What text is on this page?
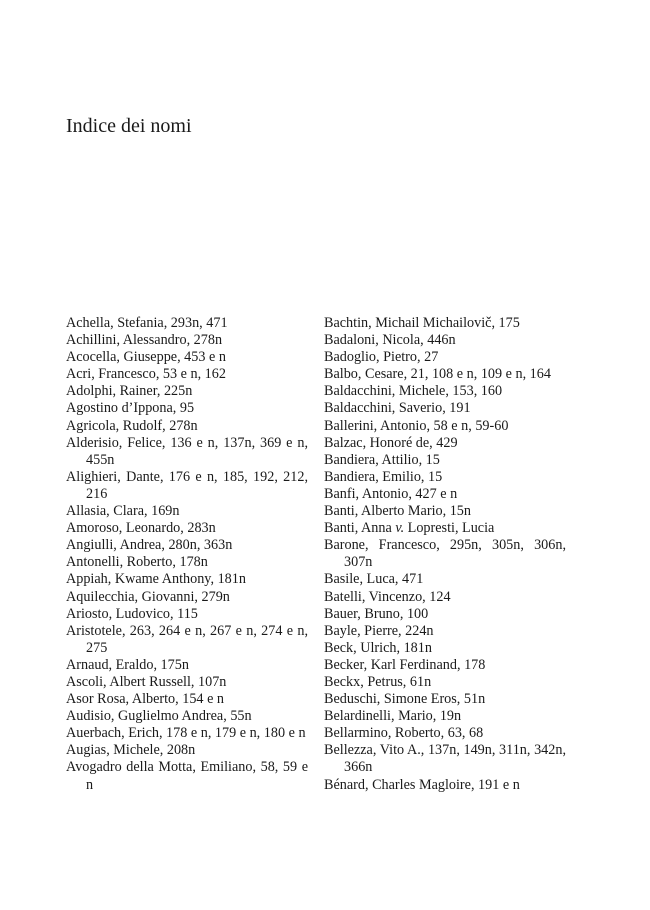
Indice dei nomi
Achella, Stefania, 293n, 471
Achillini, Alessandro, 278n
Acocella, Giuseppe, 453 e n
Acri, Francesco, 53 e n, 162
Adolphi, Rainer, 225n
Agostino d’Ippona, 95
Agricola, Rudolf, 278n
Alderisio, Felice, 136 e n, 137n, 369 e n, 455n
Alighieri, Dante, 176 e n, 185, 192, 212, 216
Allasia, Clara, 169n
Amoroso, Leonardo, 283n
Angiulli, Andrea, 280n, 363n
Antonelli, Roberto, 178n
Appiah, Kwame Anthony, 181n
Aquilecchia, Giovanni, 279n
Ariosto, Ludovico, 115
Aristotele, 263, 264 e n, 267 e n, 274 e n, 275
Arnaud, Eraldo, 175n
Ascoli, Albert Russell, 107n
Asor Rosa, Alberto, 154 e n
Audisio, Guglielmo Andrea, 55n
Auerbach, Erich, 178 e n, 179 e n, 180 e n
Augias, Michele, 208n
Avogadro della Motta, Emiliano, 58, 59 e n
Bachtin, Michail Michailovič, 175
Badaloni, Nicola, 446n
Badoglio, Pietro, 27
Balbo, Cesare, 21, 108 e n, 109 e n, 164
Baldacchini, Michele, 153, 160
Baldacchini, Saverio, 191
Ballerini, Antonio, 58 e n, 59-60
Balzac, Honoré de, 429
Bandiera, Attilio, 15
Bandiera, Emilio, 15
Banfi, Antonio, 427 e n
Banti, Alberto Mario, 15n
Banti, Anna v. Lopresti, Lucia
Barone, Francesco, 295n, 305n, 306n, 307n
Basile, Luca, 471
Batelli, Vincenzo, 124
Bauer, Bruno, 100
Bayle, Pierre, 224n
Beck, Ulrich, 181n
Becker, Karl Ferdinand, 178
Beckx, Petrus, 61n
Beduschi, Simone Eros, 51n
Belardinelli, Mario, 19n
Bellarmino, Roberto, 63, 68
Bellezza, Vito A., 137n, 149n, 311n, 342n, 366n
Bénard, Charles Magloire, 191 e n
